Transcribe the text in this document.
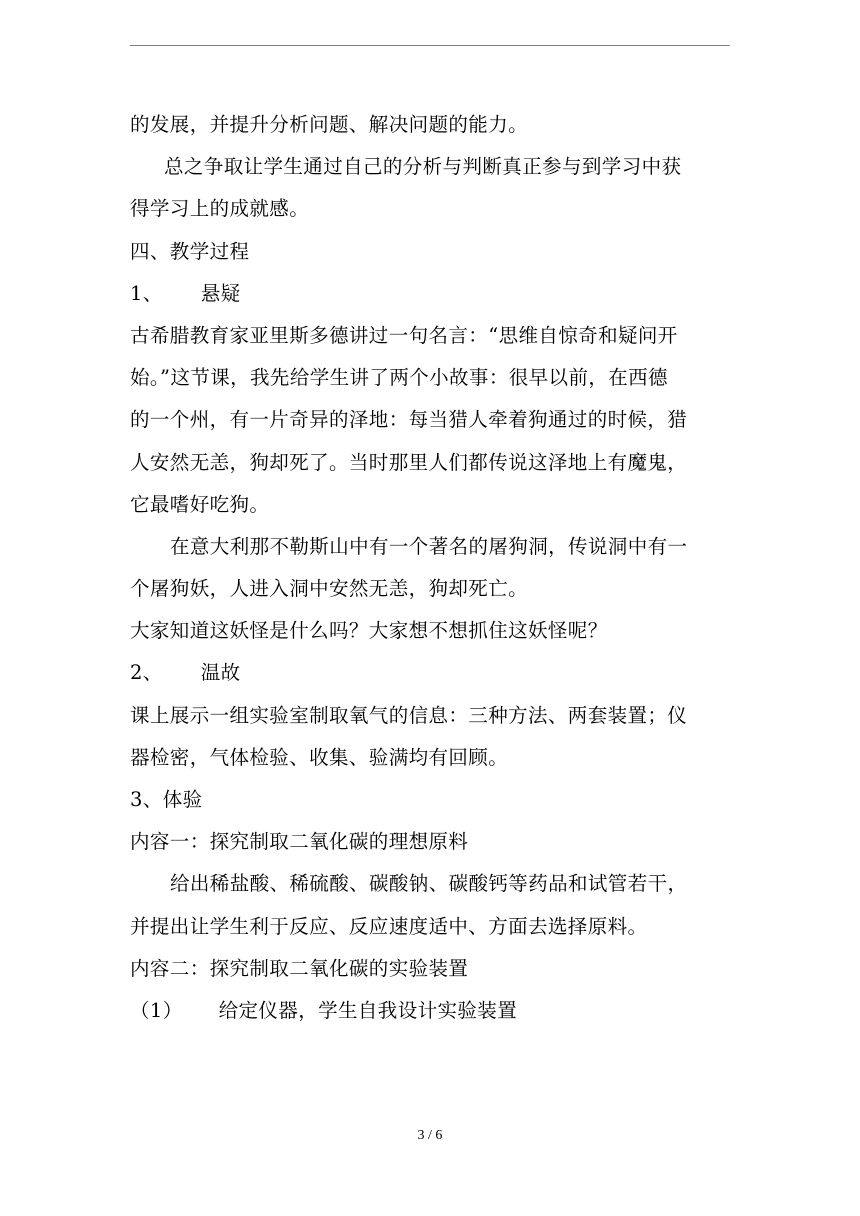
的发展，并提升分析问题、解决问题的能力。
总之争取让学生通过自己的分析与判断真正参与到学习中获
得学习上的成就感。
四、教学过程
1、 悬疑
古希腊教育家亚里斯多德讲过一句名言：“思维自惊奇和疑问开
始。”这节课，我先给学生讲了两个小故事：很早以前，在西德
的一个州，有一片奇异的泽地：每当猎人牵着狗通过的时候，猎
人安然无恙，狗却死了。当时那里人们都传说这泽地上有魔鬼，
它最嗜好吃狗。
在意大利那不勒斯山中有一个著名的屠狗洞，传说洞中有一
个屠狗妖，人进入洞中安然无恙，狗却死亡。
大家知道这妖怪是什么吗？大家想不想抓住这妖怪呢？
2、 温故
课上展示一组实验室制取氧气的信息：三种方法、两套装置；仪
器检密，气体检验、收集、验满均有回顾。
3、体验
内容一：探究制取二氧化碳的理想原料
给出稀盐酸、稀硫酸、碳酸钠、碳酸钙等药品和试管若干，
并提出让学生利于反应、反应速度适中、方面去选择原料。
内容二：探究制取二氧化碳的实验装置
（1） 给定仪器，学生自我设计实验装置
3 / 6
